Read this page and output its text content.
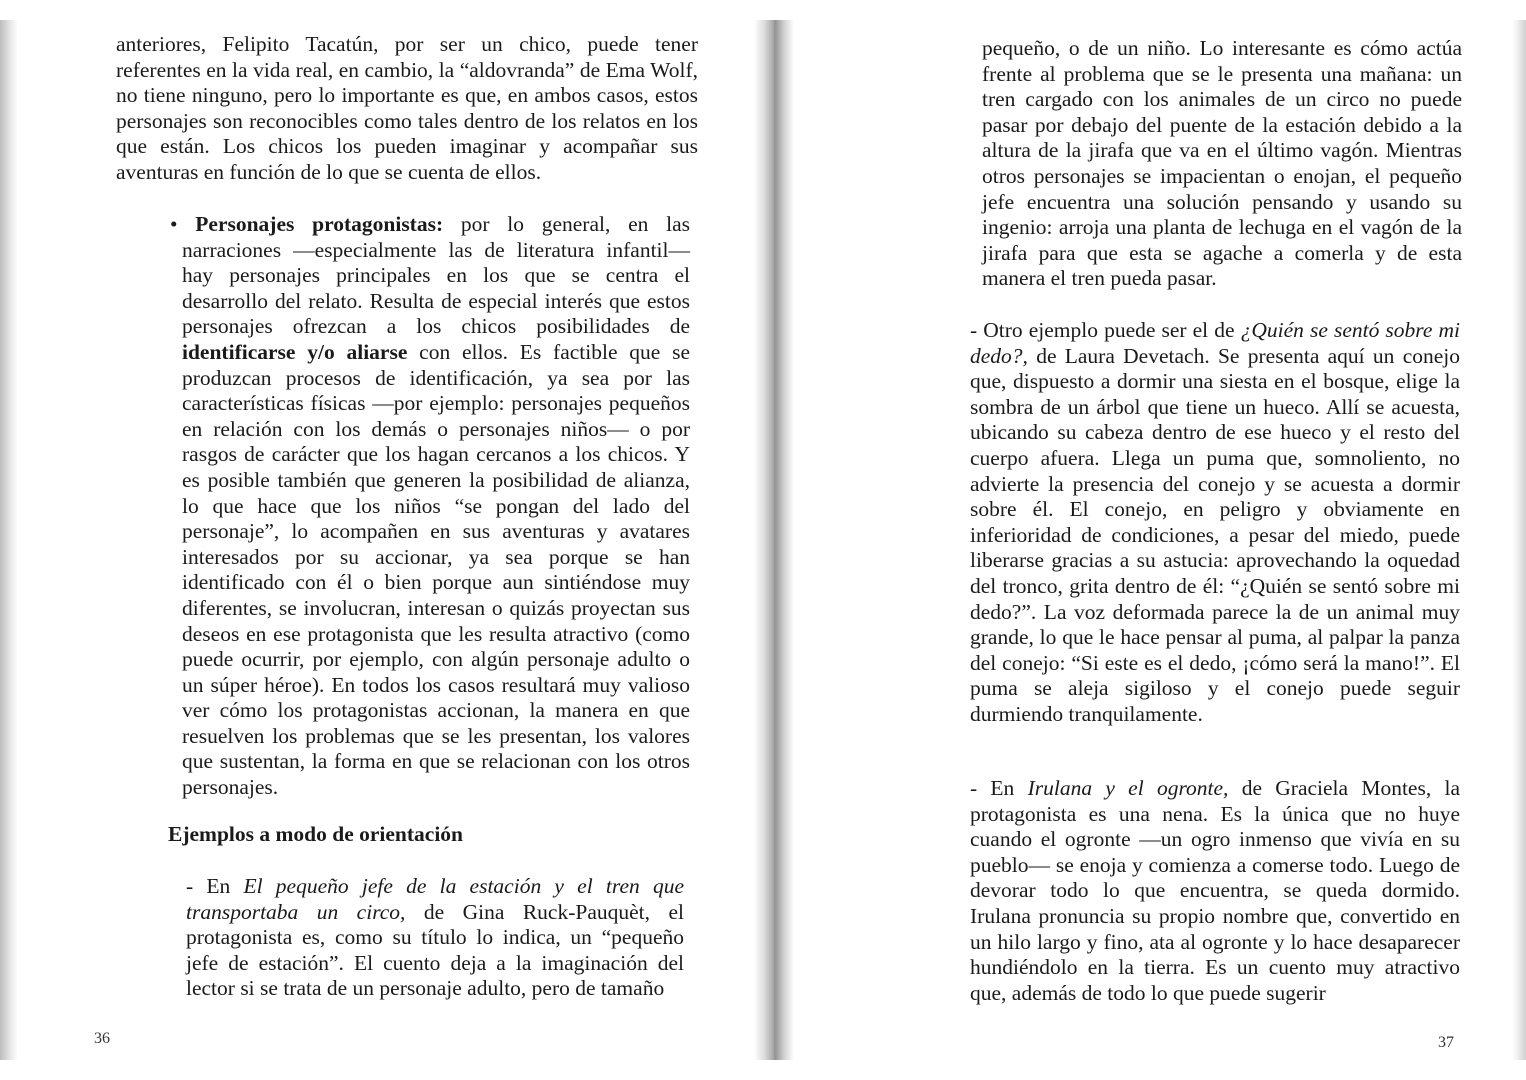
anteriores, Felipito Tacatún, por ser un chico, puede tener referentes en la vida real, en cambio, la “aldovranda” de Ema Wolf, no tiene ninguno, pero lo importante es que, en ambos casos, estos personajes son reconocibles como tales dentro de los relatos en los que están. Los chicos los pueden imaginar y acompañar sus aventuras en función de lo que se cuenta de ellos.

• Personajes protagonistas: por lo general, en las narraciones —especialmente las de literatura infantil— hay personajes principales en los que se centra el desarrollo del relato. Resulta de especial interés que estos personajes ofrezcan a los chicos posibilidades de identificarse y/o aliarse con ellos. Es factible que se produzcan procesos de identificación, ya sea por las características físicas —por ejemplo: personajes pequeños en relación con los demás o personajes niños— o por rasgos de carácter que los hagan cercanos a los chicos. Y es posible también que generen la posibilidad de alianza, lo que hace que los niños “se pongan del lado del personaje”, lo acompañen en sus aventuras y avatares interesados por su accionar, ya sea porque se han identificado con él o bien porque aun sintiéndose muy diferentes, se involucran, interesan o quizás proyectan sus deseos en ese protagonista que les resulta atractivo (como puede ocurrir, por ejemplo, con algún personaje adulto o un súper héroe). En todos los casos resultará muy valioso ver cómo los protagonistas accionan, la manera en que resuelven los problemas que se les presentan, los valores que sustentan, la forma en que se relacionan con los otros personajes.

Ejemplos a modo de orientación

- En El pequeño jefe de la estación y el tren que transportaba un circo, de Gina Ruck-Pauquèt, el protagonista es, como su título lo indica, un “pequeño jefe de estación”. El cuento deja a la imaginación del lector si se trata de un personaje adulto, pero de tamaño

36

pequeño, o de un niño. Lo interesante es cómo actúa frente al problema que se le presenta una mañana: un tren cargado con los animales de un circo no puede pasar por debajo del puente de la estación debido a la altura de la jirafa que va en el último vagón. Mientras otros personajes se impacientan o enojan, el pequeño jefe encuentra una solución pensando y usando su ingenio: arroja una planta de lechuga en el vagón de la jirafa para que esta se agache a comerla y de esta manera el tren pueda pasar.

- Otro ejemplo puede ser el de ¿Quién se sentó sobre mi dedo?, de Laura Devetach. Se presenta aquí un conejo que, dispuesto a dormir una siesta en el bosque, elige la sombra de un árbol que tiene un hueco. Allí se acuesta, ubicando su cabeza dentro de ese hueco y el resto del cuerpo afuera. Llega un puma que, somnoliento, no advierte la presencia del conejo y se acuesta a dormir sobre él. El conejo, en peligro y obviamente en inferioridad de condiciones, a pesar del miedo, puede liberarse gracias a su astucia: aprovechando la oquedad del tronco, grita dentro de él: “¿Quién se sentó sobre mi dedo?”. La voz deformada parece la de un animal muy grande, lo que le hace pensar al puma, al palpar la panza del conejo: “Si este es el dedo, ¡cómo será la mano!”. El puma se aleja sigiloso y el conejo puede seguir durmiendo tranquilamente.

- En Irulana y el ogronte, de Graciela Montes, la protagonista es una nena. Es la única que no huye cuando el ogronte —un ogro inmenso que vivía en su pueblo— se enoja y comienza a comerse todo. Luego de devorar todo lo que encuentra, se queda dormido. Irulana pronuncia su propio nombre que, convertido en un hilo largo y fino, ata al ogronte y lo hace desaparecer hundiéndolo en la tierra. Es un cuento muy atractivo que, además de todo lo que puede sugerir

37
